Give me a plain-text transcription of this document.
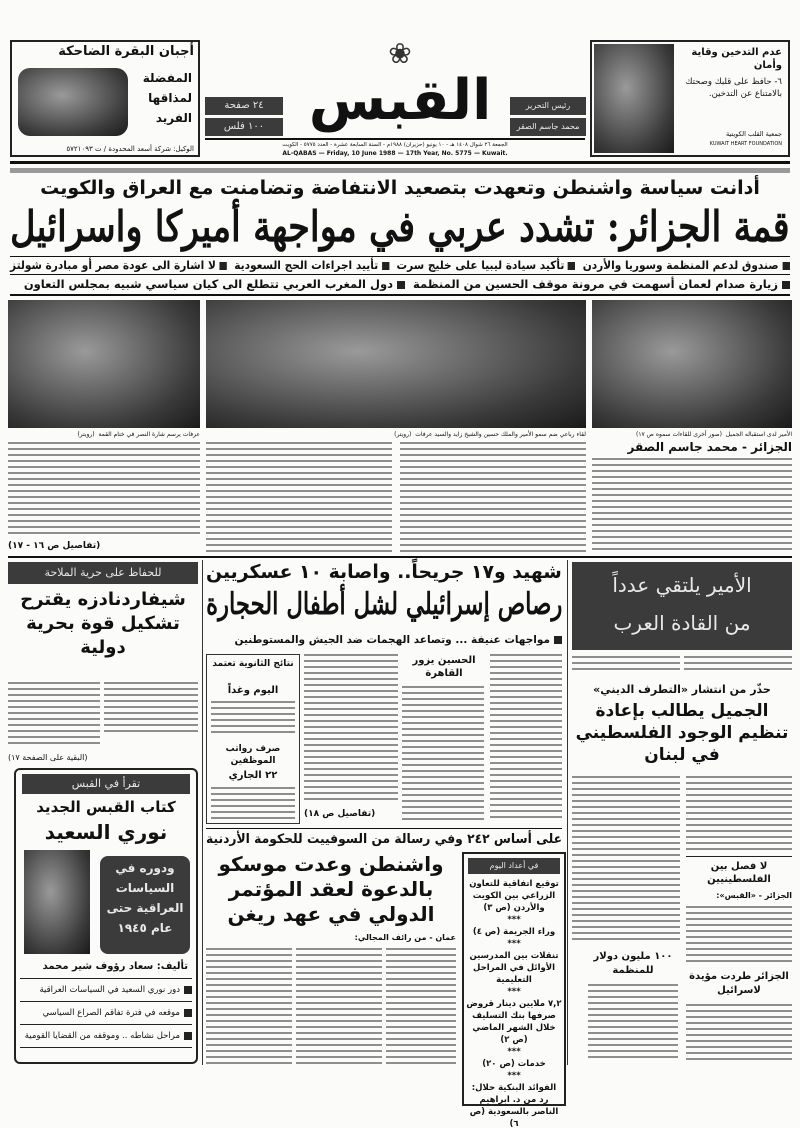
أجبان البقرة الضاحكة
المفضلة
لمذاقها
الفريد
الوكيل: شركة أسعد المحدودة / ت ٥٧٢١٠٩٣
٢٤ صفحة
١٠٠ فلس
❀
القبس	رئيس التحرير
محمد جاسم الصقر
الجمعة ٢٦ شوال ١٤٠٨ هـ - ١٠ يونيو (حزيران) ١٩٨٨م - السنة السابعة عشرة - العدد ٥٧٧٥ - الكويت
AL-QABAS — Friday, 10 June 1988 — 17th Year, No. 5775 — Kuwait.
عدم التدخين وقاية وأمان
٦- حافظ على قلبك وصحتك بالامتناع عن التدخين.
جمعية القلب الكويتية
KUWAIT HEART FOUNDATION
أدانت سياسة واشنطن وتعهدت بتصعيد الانتفاضة وتضامنت مع العراق والكويت
قمة الجزائر: تشدد عربي في مواجهة أميركا واسرائيل
صندوق لدعم المنظمة وسوريا والأردن  تأكيد سيادة ليبيا على خليج سرت  تأييد اجراءات الحج السعودية  لا اشارة الى عودة مصر أو مبادرة شولتز
زيارة صدام لعمان أسهمت في مرونة موقف الحسين من المنظمة  دول المغرب العربي تتطلع الى كيان سياسي شبيه بمجلس التعاون
عرفات يرسم شارة النصر في ختام القمة  (رويتر)	لقاء رباعي ضم سمو الأمير والملك حسين والشيخ زايد والسيد عرفات  (رويتر)	الأمير لدى استقباله الجميل  (صور أخرى للقاءات سموه ص ١٧)
الجزائر - محمد جاسم الصقر
(تفاصيل ص ١٦ - ١٧)
للحفاظ على حرية الملاحة
شيفاردنادزه يقترح تشكيل قوة بحرية دولية
(البقية على الصفحة ١٧)
تقرأ في القبس
كتاب القبس الجديد
نوري السعيد
ودوره في السياسات العراقية حتى عام ١٩٤٥
تأليف: سعاد رؤوف شير محمد
دور نوري السعيد في السياسات العراقية
موقعه في فترة تفاقم الصراع السياسي
مراحل نشاطه .. وموقفه من القضايا القومية
شهيد و١٧ جريحاً.. واصابة ١٠ عسكريين
رصاص إسرائيلي لشل أطفال الحجارة
مواجهات عنيفة ... وتصاعد الهجمات ضد الجيش والمستوطنين
الحسين يزور القاهرة
(تفاصيل ص ١٨)
نتائج الثانوية تعتمد
اليوم وغداً
صرف رواتب الموظفين
٢٢ الجاري
الأمير يلتقي عدداً
من القادة العرب
حذّر من انتشار «التطرف الديني»
الجميل يطالب بإعادة تنظيم الوجود الفلسطيني في لبنان
لا فصل بين الفلسطينيين
الجزائر - «القبس»:
الجزائر طردت مؤيدة لاسرائيل
١٠٠ مليون دولار للمنظمة
على أساس ٢٤٢ وفي رسالة من السوفييت للحكومة الأردنية
واشنطن وعدت موسكو بالدعوة لعقد المؤتمر الدولي في عهد ريغن
عمان - من رائف المجالي:
في أعداد اليوم
توقيع اتفاقية للتعاون الزراعي بين الكويت والأردن (ص ٣)
***
وراء الجريمة (ص ٤)
***
تنقلات بين المدرسين الأوائل في المراحل التعليمية
***
٧,٢ ملايين دينار قروض صرفها بنك التسليف خلال الشهر الماضي (ص ٢)
***
خدمات (ص ٢٠)
***
الفوائد البنكية حلال: رد من د. ابراهيم الناصر بالسعودية (ص ٦)
